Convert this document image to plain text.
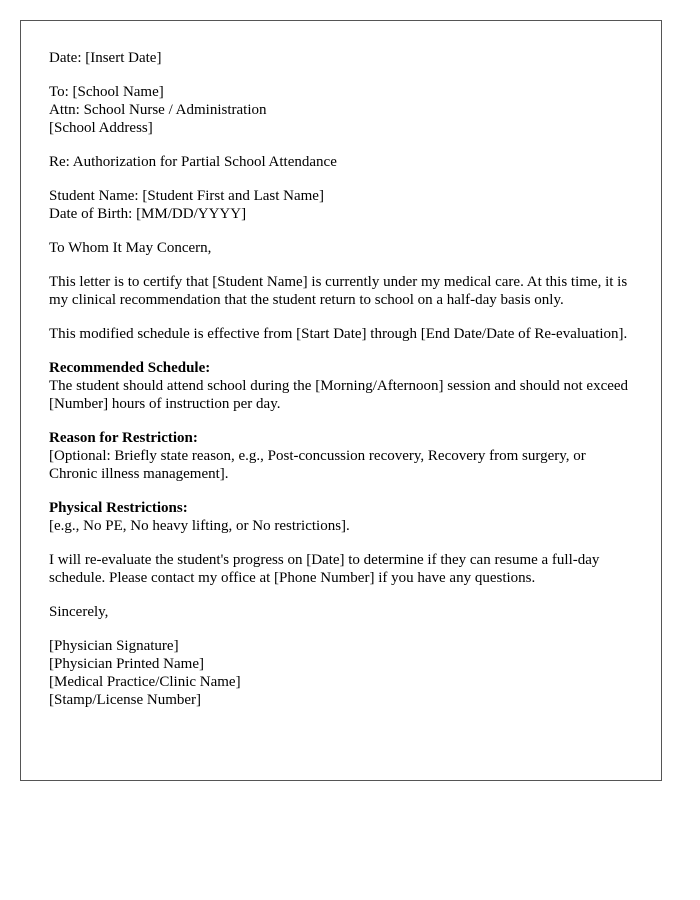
Date: [Insert Date]

To: [School Name]
Attn: School Nurse / Administration
[School Address]

Re: Authorization for Partial School Attendance

Student Name: [Student First and Last Name]
Date of Birth: [MM/DD/YYYY]

To Whom It May Concern,

This letter is to certify that [Student Name] is currently under my medical care. At this time, it is my clinical recommendation that the student return to school on a half-day basis only.

This modified schedule is effective from [Start Date] through [End Date/Date of Re-evaluation].

Recommended Schedule:
The student should attend school during the [Morning/Afternoon] session and should not exceed [Number] hours of instruction per day.

Reason for Restriction:
[Optional: Briefly state reason, e.g., Post-concussion recovery, Recovery from surgery, or Chronic illness management].

Physical Restrictions:
[e.g., No PE, No heavy lifting, or No restrictions].

I will re-evaluate the student's progress on [Date] to determine if they can resume a full-day schedule. Please contact my office at [Phone Number] if you have any questions.

Sincerely,

[Physician Signature]
[Physician Printed Name]
[Medical Practice/Clinic Name]
[Stamp/License Number]
